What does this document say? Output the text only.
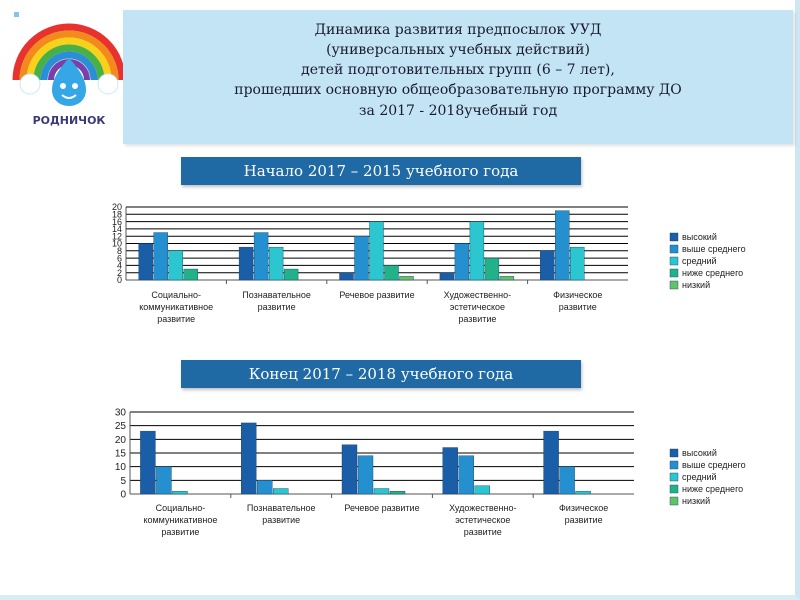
РОДНИЧОК
Динамика развития предпосылок УУД
(универсальных учебных действий)
детей подготовительных групп (6 – 7 лет),
прошедших основную общеобразовательную программу ДО
за 2017 - 2018учебный год
Начало 2017 – 2015 учебного года
Конец 2017 – 2018 учебного года
0
2
4
6
8
10
12
14
16
18
20
Социально-
коммуникативное
развитие
Познавательное
развитие
Речевое развитие	Художественно-
эстетическое
развитие
Физическое
развитие
высокий
выше среднего
средний
ниже среднего
низкий
0
5
10
15
20
25
30
Социально-
коммуникативное
развитие
Познавательное
развитие
Речевое развитие	Художественно-
эстетическое
развитие
Физическое
развитие
высокий
выше среднего
средний
ниже среднего
низкий
